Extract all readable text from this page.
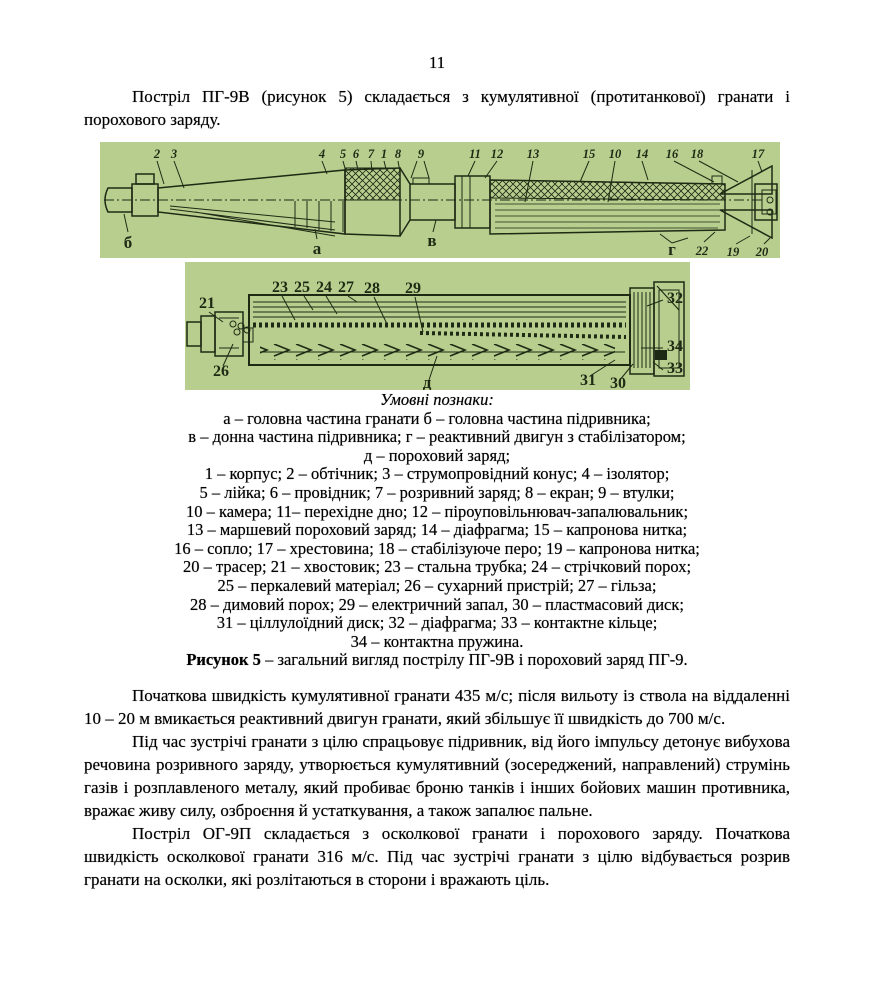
11

Постріл ПГ-9В (рисунок 5) складається з кумулятивної (протитанкової) гранати і порохового заряду.

2 3	4 5 6 7 1 8 9	11 12 13	15 10 14 16 18	17
б	а	в	г 22 19 20
21
23 25 24 27 28 29
32
34
33
26
д	31 30
Умовні познаки:
а – головна частина гранати б – головна частина підривника;
в – донна частина підривника; г – реактивний двигун з стабілізатором;
д – пороховий заряд;
1 – корпус; 2 – обтічник; 3 – струмопровідний конус; 4 – ізолятор;
5 – лійка; 6 – провідник; 7 – розривний заряд; 8 – екран; 9 – втулки;
10 – камера; 11– перехідне дно; 12 – піроуповільнювач-запалювальник;
13 – маршевий пороховий заряд; 14 – діафрагма; 15 – капронова нитка;
16 – сопло; 17 – хрестовина; 18 – стабілізуюче перо; 19 – капронова нитка;
20 – трасер; 21 – хвостовик; 23 – стальна трубка; 24 – стрічковий порох;
25 – перкалевий матеріал; 26 – сухарний пристрій; 27 – гільза;
28 – димовий порох; 29 – електричний запал, 30 – пластмасовий диск;
31 – ціллулоїдний диск; 32 – діафрагма; 33 – контактне кільце;
34 – контактна пружина.
Рисунок 5 – загальний вигляд пострілу ПГ-9В і пороховий заряд ПГ-9.

Початкова швидкість кумулятивної гранати 435 м/с; після вильоту із ствола на віддаленні 10 – 20 м вмикається реактивний двигун гранати, який збільшує її швидкість до 700 м/с.

Під час зустрічі гранати з цілю спрацьовує підривник, від його імпульсу детонує вибухова речовина розривного заряду, утворюється кумулятивний (зосереджений, направлений) струмінь газів і розплавленого металу, який пробиває броню танків і інших бойових машин противника, вражає живу силу, озброєння й устаткування, а також запалює пальне.

Постріл ОГ-9П складається з осколкової гранати і порохового заряду. Початкова швидкість осколкової гранати 316 м/с. Під час зустрічі гранати з цілю відбувається розрив гранати на осколки, які розлітаються в сторони і вражають ціль.
